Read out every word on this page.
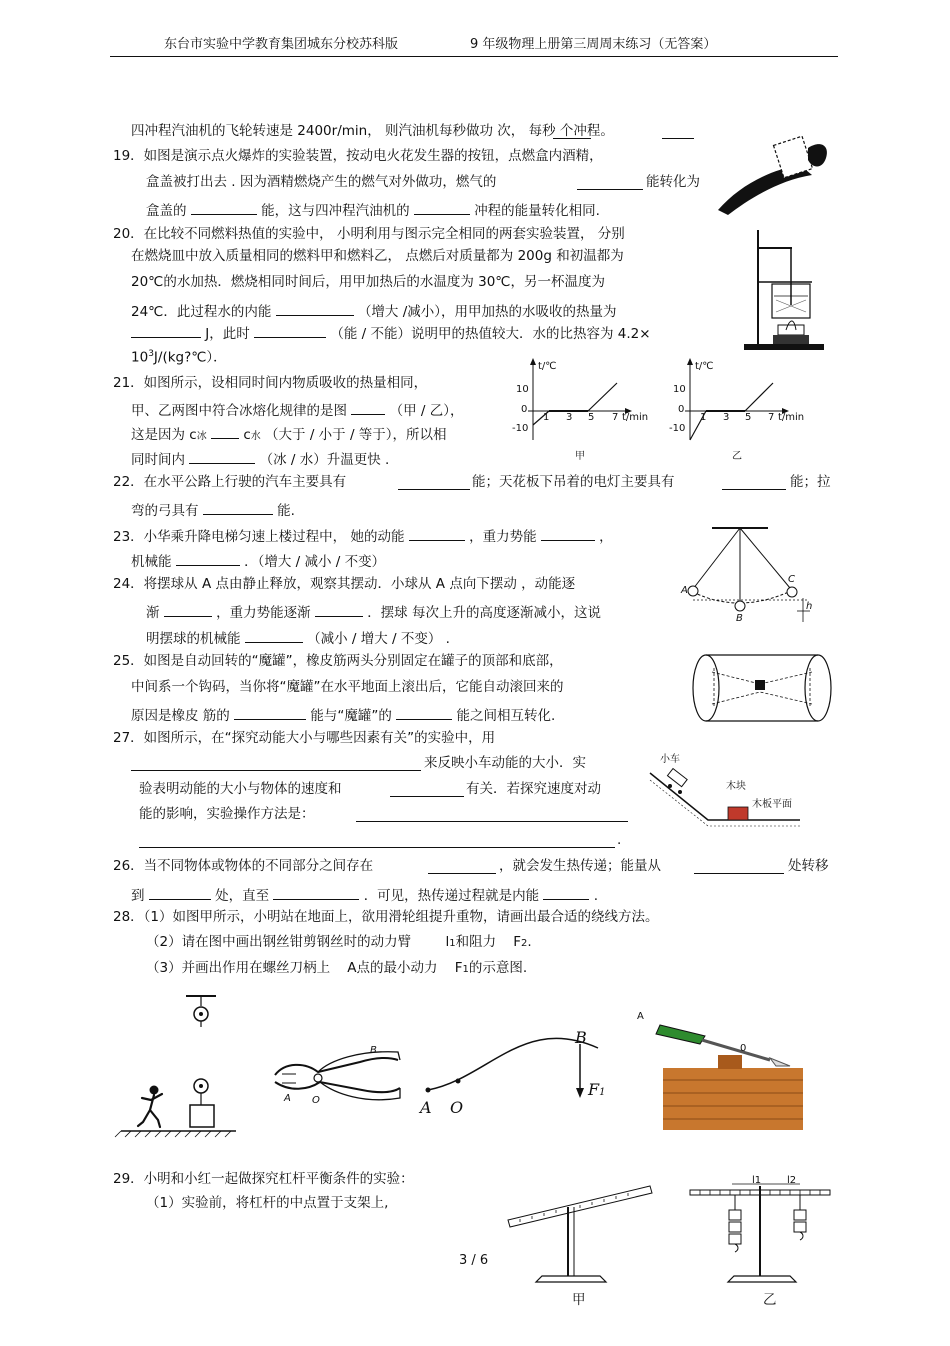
东台市实验中学教育集团城东分校苏科版	9 年级物理上册第三周周末练习（无答案）
四冲程汽油机的飞轮转速是 2400r/min， 则汽油机每秒做功 次， 每秒 个冲程。
19．如图是演示点火爆炸的实验装置，按动电火花发生器的按钮，点燃盒内酒精，
盒盖被打出去 . 因为酒精燃烧产生的燃气对外做功，燃气的	能转化为
盒盖的	能，这与四冲程汽油机的	冲程的能量转化相同.
20．在比较不同燃料热值的实验中， 小明利用与图示完全相同的两套实验装置， 分别
在燃烧皿中放入质量相同的燃料甲和燃料乙， 点燃后对质量都为 200g 和初温都为
20℃的水加热．燃烧相同时间后，用甲加热后的水温度为 30℃，另一杯温度为
24℃．此过程水的内能	（增大 /减小），用甲加热的水吸收的热量为
J，此时	（能 / 不能）说明甲的热值较大．水的比热容为 4.2×
$10^3J/(kg?℃)$．
21．如图所示，设相同时间内物质吸收的热量相同，
甲、乙两图中符合冰熔化规律的是图	（甲 / 乙），
这是因为 c冰	c水 （大于 / 小于 / 等于），所以相
同时间内	（冰 / 水）升温更快 .
t/℃
10
0
-10
1 3 5 7 t/min
甲
t/℃
10
0
-10
1 3 5 7 t/min
乙
22．在水平公路上行驶的汽车主要具有	能；天花板下吊着的电灯主要具有	能；拉
弯的弓具有	能.
23．小华乘升降电梯匀速上楼过程中， 她的动能	，重力势能	，
机械能	．（增大 / 减小 / 不变）
A
B
C
h
24．将摆球从 A 点由静止释放，观察其摆动．小球从 A 点向下摆动 ，动能逐
渐	，重力势能逐渐	．摆球 每次上升的高度逐渐减小，这说
明摆球的机械能	（减小 / 增大 / 不变） .
25．如图是自动回转的“魔罐”，橡皮筋两头分别固定在罐子的顶部和底部，
中间系一个钩码，当你将“魔罐”在水平地面上滚出后，它能自动滚回来的
原因是橡皮 筋的	能与“魔罐”的	能之间相互转化.
27．如图所示，在“探究动能大小与哪些因素有关”的实验中，用
来反映小车动能的大小．实
验表明动能的大小与物体的速度和	有关．若探究速度对动
能的影响，实验操作方法是：
.
小车
木块
木板平面
26．当不同物体或物体的不同部分之间存在	，就会发生热传递；能量从	处转移
到	处，直至	．可见，热传递过程就是内能	.
28．（1）如图甲所示，小明站在地面上，欲用滑轮组提升重物，请画出最合适的绕线方法。
（2）请在图中画出钢丝钳剪钢丝时的动力臂	l1和阻力 F2.
（3）并画出作用在螺丝刀柄上 A点的最小动力 F1的示意图.
A O
B
A O
B
F1
A
0
29．小明和小红一起做探究杠杆平衡条件的实验：
（1）实验前，将杠杆的中点置于支架上,
l1	l2
甲	乙
3 / 6
